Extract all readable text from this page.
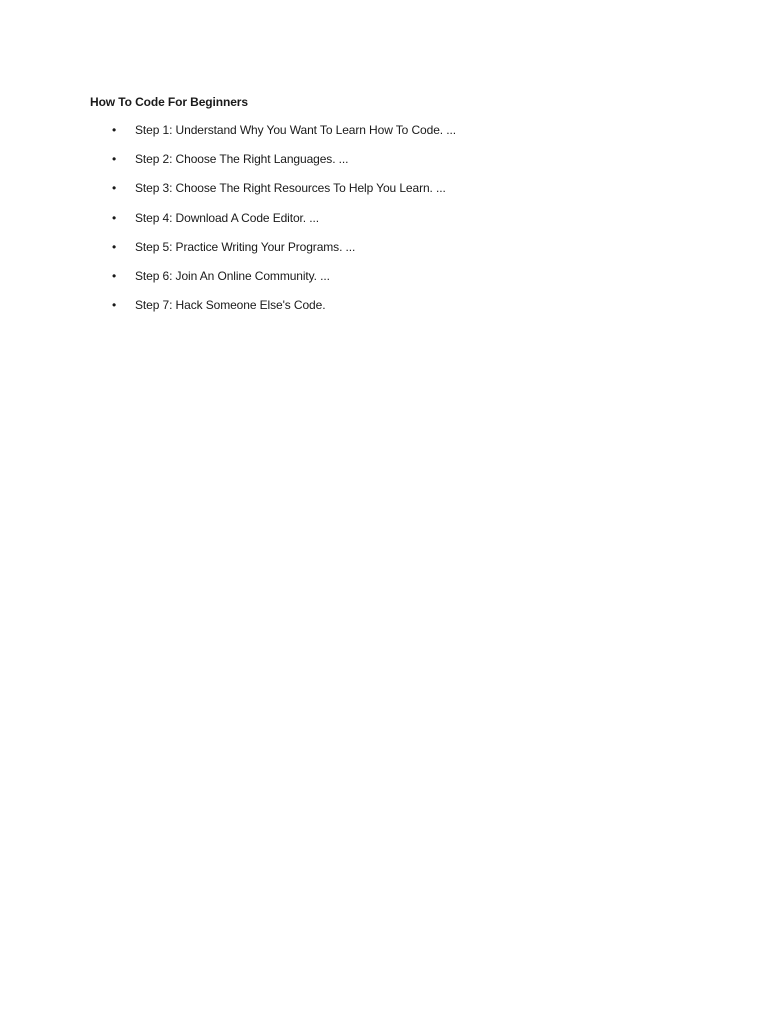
How To Code For Beginners
•	Step 1: Understand Why You Want To Learn How To Code. ...
•	Step 2: Choose The Right Languages. ...
•	Step 3: Choose The Right Resources To Help You Learn. ...
•	Step 4: Download A Code Editor. ...
•	Step 5: Practice Writing Your Programs. ...
•	Step 6: Join An Online Community. ...
•	Step 7: Hack Someone Else's Code.
